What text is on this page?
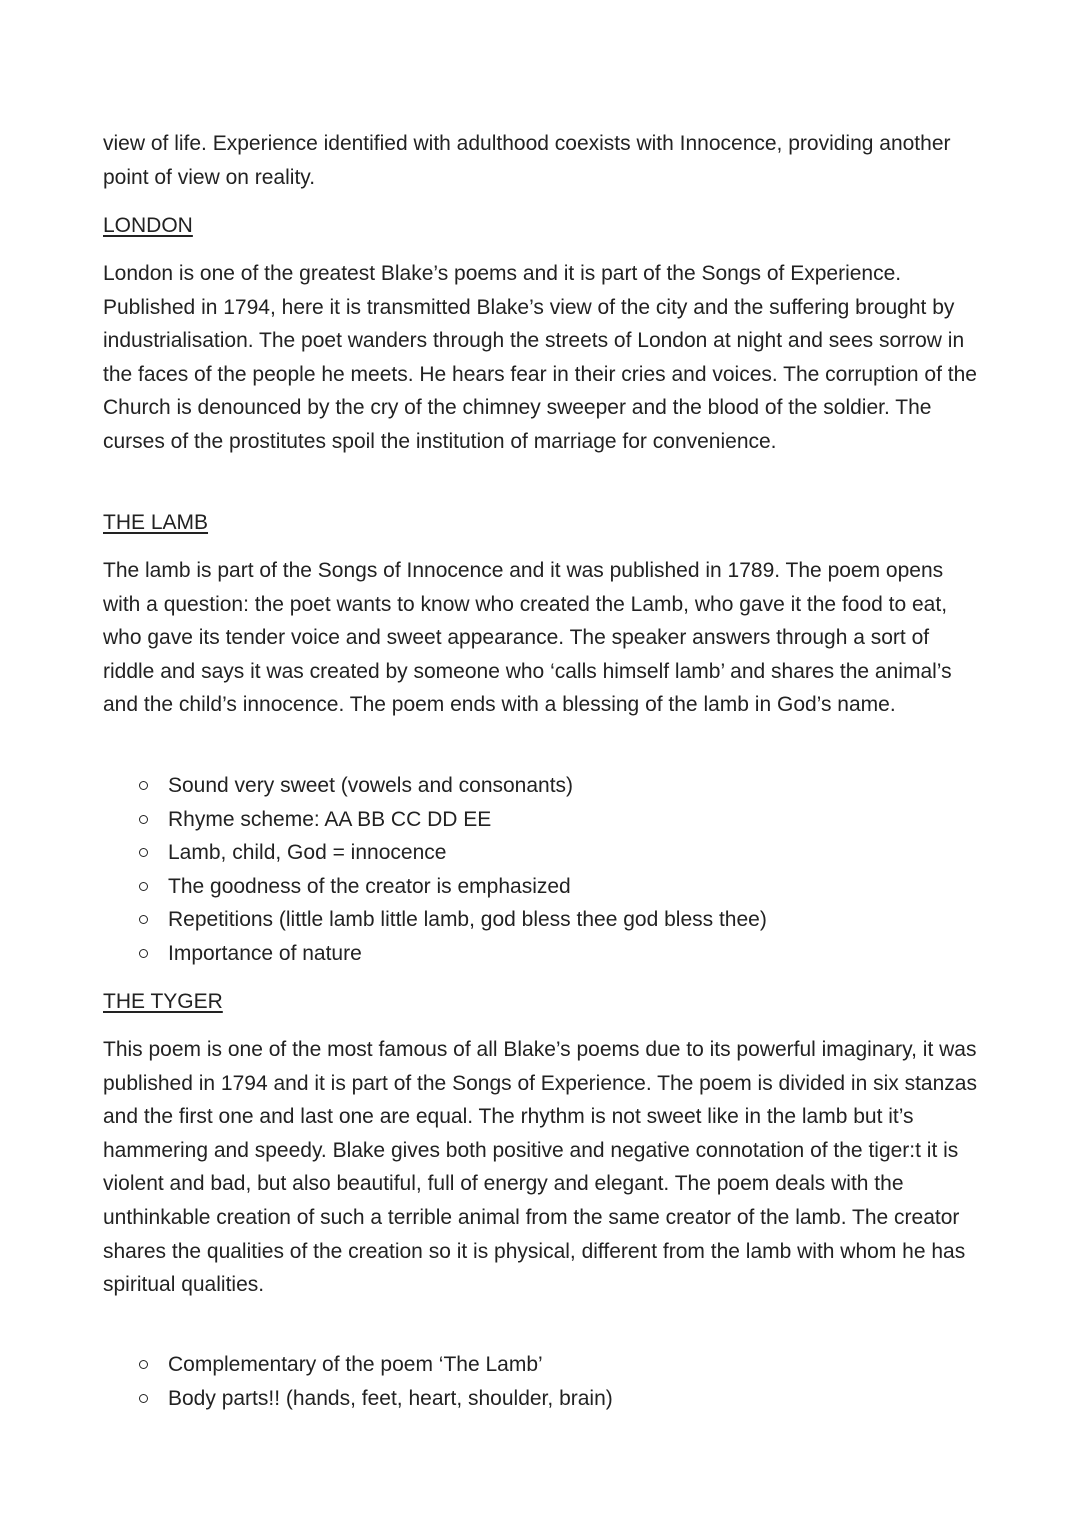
view of life. Experience identified with adulthood coexists with Innocence, providing another point of view on reality.

LONDON

London is one of the greatest Blake’s poems and it is part of the Songs of Experience. Published in 1794, here it is transmitted Blake’s view of the city and the suffering brought by industrialisation. The poet wanders through the streets of London at night and sees sorrow in the faces of the people he meets. He hears fear in their cries and voices. The corruption of the Church is denounced by the cry of the chimney sweeper and the blood of the soldier. The curses of the prostitutes spoil the institution of marriage for convenience.

THE LAMB

The lamb is part of the Songs of Innocence and it was published in 1789. The poem opens with a question: the poet wants to know who created the Lamb, who gave it the food to eat, who gave its tender voice and sweet appearance. The speaker answers through a sort of riddle and says it was created by someone who ‘calls himself lamb’ and shares the animal’s and the child’s innocence. The poem ends with a blessing of the lamb in God’s name.

Sound very sweet (vowels and consonants)
Rhyme scheme: AA BB CC DD EE
Lamb, child, God = innocence
The goodness of the creator is emphasized
Repetitions (little lamb little lamb, god bless thee god bless thee)
Importance of nature
THE TYGER

This poem is one of the most famous of all Blake’s poems due to its powerful imaginary, it was published in 1794 and it is part of the Songs of Experience. The poem is divided in six stanzas and the first one and last one are equal. The rhythm is not sweet like in the lamb but it’s hammering and speedy. Blake gives both positive and negative connotation of the tiger:t it is violent and bad, but also beautiful, full of energy and elegant. The poem deals with the unthinkable creation of such a terrible animal from the same creator of the lamb. The creator shares the qualities of the creation so it is physical, different from the lamb with whom he has spiritual qualities.

Complementary of the poem ‘The Lamb’
Body parts!! (hands, feet, heart, shoulder, brain)
